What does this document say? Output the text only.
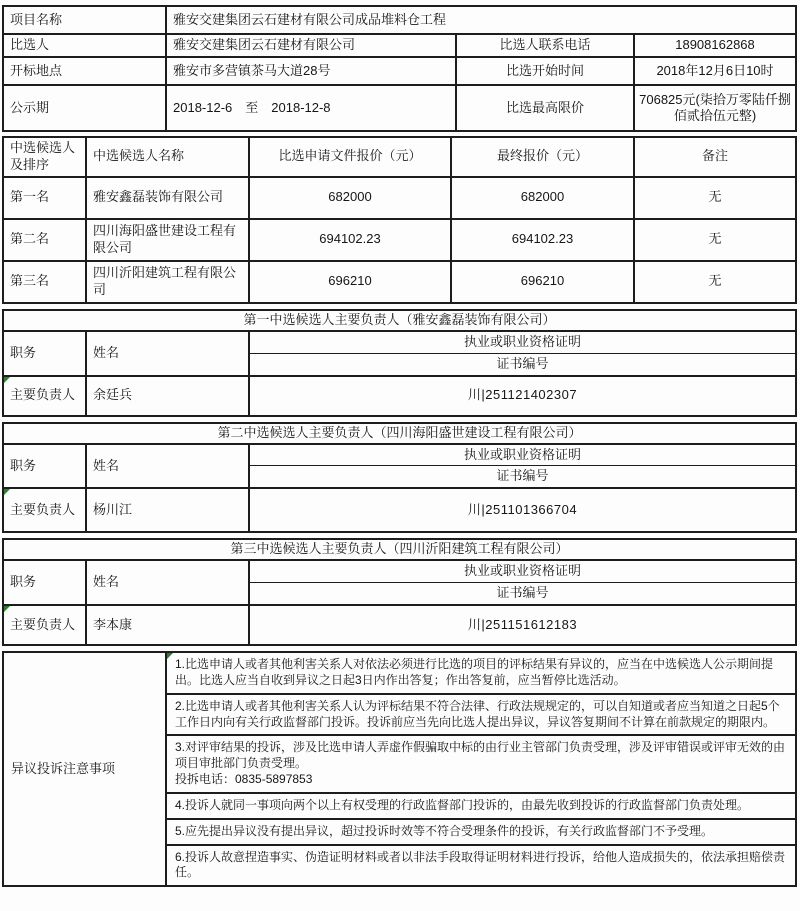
项目名称	雅安交建集团云石建材有限公司成品堆料仓工程		
比选人	雅安交建集团云石建材有限公司	比选人联系电话	18908162868
开标地点	雅安市多营镇茶马大道28号	比选开始时间	2018年12月6日10时
公示期	2018-12-6　至　2018-12-8	比选最高限价	706825元(柒拾万零陆仟捌佰贰拾伍元整)
中选候选人及排序	中选候选人名称	比选申请文件报价（元）	最终报价（元）	备注
第一名	雅安鑫磊装饰有限公司	682000	682000	无
第二名	四川海阳盛世建设工程有限公司	694102.23	694102.23	无
第三名	四川沂阳建筑工程有限公司	696210	696210	无
第一中选候选人主要负责人（雅安鑫磊装饰有限公司）		
职务	姓名	执业或职业资格证明
		证书编号
主要负责人	余廷兵	川|251121402307
第二中选候选人主要负责人（四川海阳盛世建设工程有限公司）		
职务	姓名	执业或职业资格证明
		证书编号
主要负责人	杨川江	川|251101366704
第三中选候选人主要负责人（四川沂阳建筑工程有限公司）		
职务	姓名	执业或职业资格证明
		证书编号
主要负责人	李本康	川|251151612183
异议投诉注意事项	1.比选申请人或者其他利害关系人对依法必须进行比选的项目的评标结果有异议的，应当在中选候选人公示期间提出。比选人应当自收到异议之日起3日内作出答复；作出答复前，应当暂停比选活动。

2.比选申请人或者其他利害关系人认为评标结果不符合法律、行政法规规定的，可以自知道或者应当知道之日起5个工作日内向有关行政监督部门投诉。投诉前应当先向比选人提出异议，异议答复期间不计算在前款规定的期限内。

3.对评审结果的投诉，涉及比选申请人弄虚作假骗取中标的由行业主管部门负责受理，涉及评审错误或评审无效的由项目审批部门负责受理。
投拆电话：0835-5897853

4.投诉人就同一事项向两个以上有权受理的行政监督部门投诉的，由最先收到投诉的行政监督部门负责处理。

5.应先提出异议没有提出异议，超过投诉时效等不符合受理条件的投诉，有关行政监督部门不予受理。

6.投诉人故意捏造事实、伪造证明材料或者以非法手段取得证明材料进行投诉，给他人造成损失的，依法承担赔偿责任。
